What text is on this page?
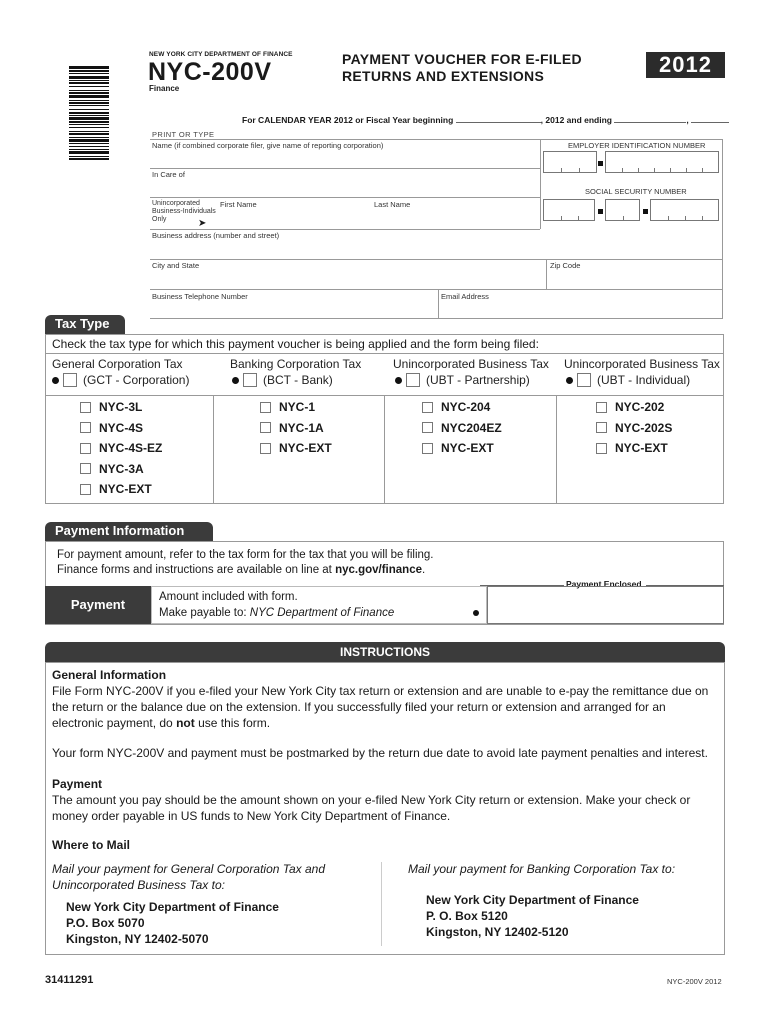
NEW YORK CITY DEPARTMENT OF FINANCE
NYC-200V
Finance
PAYMENT VOUCHER FOR E-FILED
RETURNS AND EXTENSIONS	2012
For CALENDAR YEAR 2012 or Fiscal Year beginning	, 2012 and ending	,
PRINT OR TYPE
Name (if combined corporate filer, give name of reporting corporation)	EMPLOYER IDENTIFICATION NUMBER
In Care of
SOCIAL SECURITY NUMBER
Unincorporated
Business-Individuals
Only	➤
First Name	Last Name
Business address (number and street)
City and State	Zip Code
Business Telephone Number	Email Address
Tax Type
Check the tax type for which this payment voucher is being applied and the form being filed:
General Corporation Tax
(GCT - Corporation)
NYC-3L
NYC-4S
NYC-4S-EZ
NYC-3A
NYC-EXT
Banking Corporation Tax
(BCT - Bank)
NYC-1
NYC-1A
NYC-EXT
Unincorporated Business Tax
(UBT - Partnership)
NYC-204
NYC204EZ
NYC-EXT
Unincorporated Business Tax
(UBT - Individual)
NYC-202
NYC-202S
NYC-EXT
Payment Information
For payment amount, refer to the tax form for the tax that you will be filing.
Finance forms and instructions are available on line at nyc.gov/finance.
Payment Enclosed
Payment	Amount included with form.
Make payable to: NYC Department of Finance
INSTRUCTIONS
General Information
File Form NYC-200V if you e-filed your New York City tax return or extension and are unable to e-pay the remittance due on the return or the balance due on the extension. If you successfully filed your return or extension and arranged for an electronic payment, do not use this form.
Your form NYC-200V and payment must be postmarked by the return due date to avoid late payment penalties and interest.
Payment
The amount you pay should be the amount shown on your e-filed New York City return or extension. Make your check or money order payable in US funds to New York City Department of Finance.
Where to Mail
Mail your payment for General Corporation Tax and Unincorporated Business Tax to:
New York City Department of Finance
P.O. Box 5070
Kingston, NY 12402-5070
Mail your payment for Banking Corporation Tax to:
New York City Department of Finance
P. O. Box 5120
Kingston, NY 12402-5120
31411291	NYC-200V 2012
